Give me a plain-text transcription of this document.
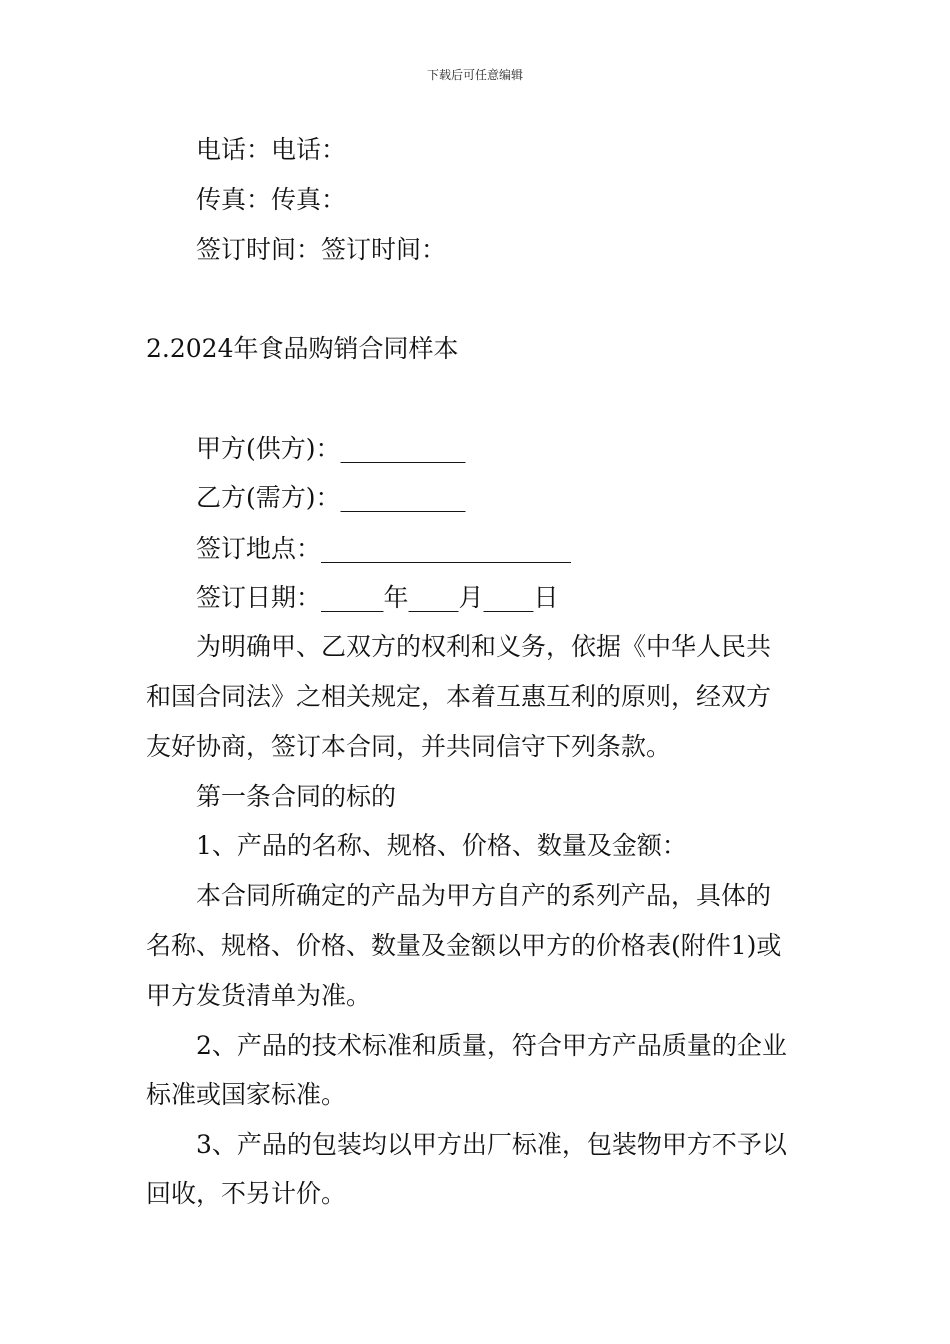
下载后可任意编辑
电话：电话：
传真：传真：
签订时间：签订时间：
2.2024年食品购销合同样本
甲方(供方)：__________
乙方(需方)：__________
签订地点：____________________
签订日期：_____年____月____日
为明确甲、乙双方的权利和义务，依据《中华人民共
和国合同法》之相关规定，本着互惠互利的原则，经双方
友好协商，签订本合同，并共同信守下列条款。
第一条合同的标的
1、产品的名称、规格、价格、数量及金额：
本合同所确定的产品为甲方自产的系列产品，具体的
名称、规格、价格、数量及金额以甲方的价格表(附件1)或
甲方发货清单为准。
2、产品的技术标准和质量，符合甲方产品质量的企业
标准或国家标准。
3、产品的包装均以甲方出厂标准，包装物甲方不予以
回收，不另计价。
